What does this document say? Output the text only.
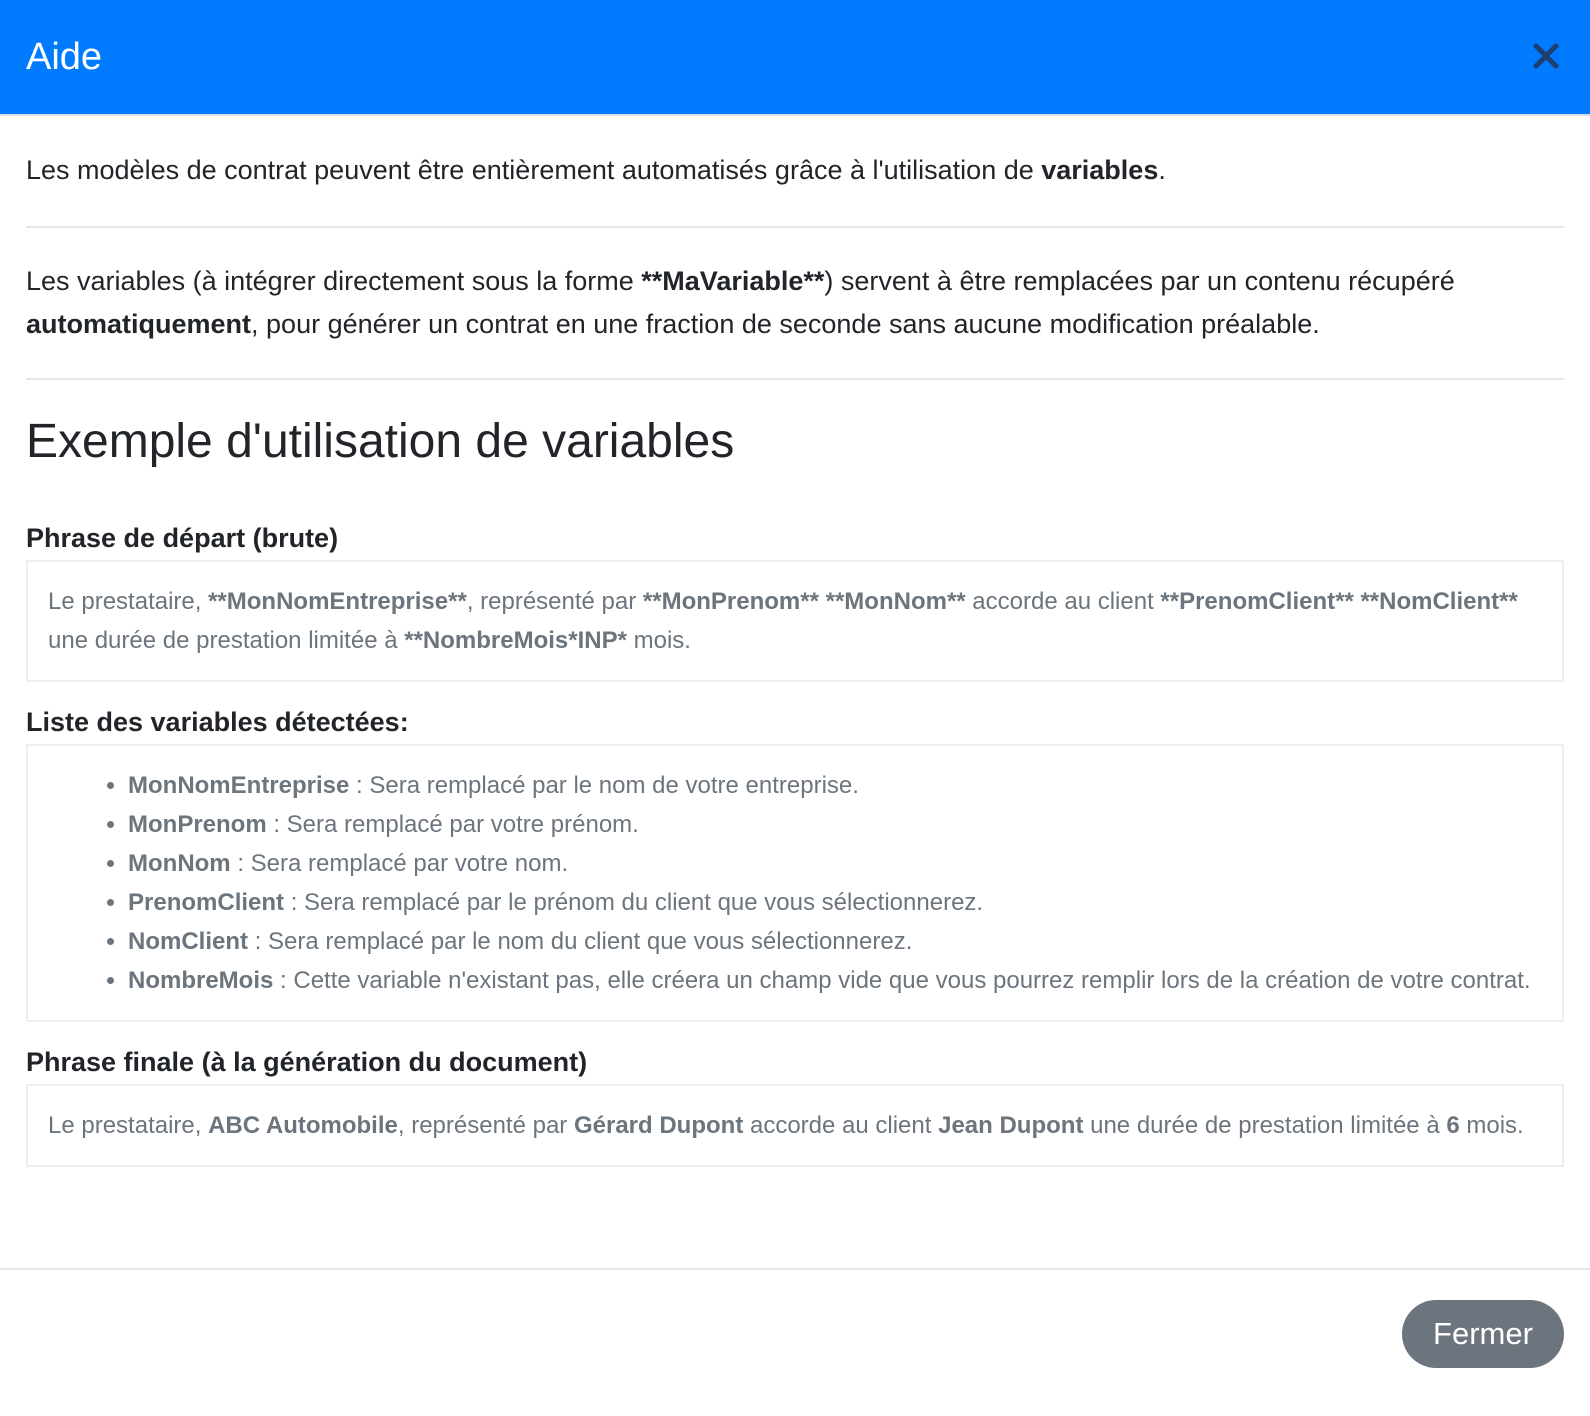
Aide

Les modèles de contrat peuvent être entièrement automatisés grâce à l'utilisation de variables.

Les variables (à intégrer directement sous la forme **MaVariable**) servent à être remplacées par un contenu récupéré automatiquement, pour générer un contrat en une fraction de seconde sans aucune modification préalable.

Exemple d'utilisation de variables
Phrase de départ (brute)
Le prestataire, **MonNomEntreprise**, représenté par **MonPrenom** **MonNom** accorde au client **PrenomClient** **NomClient** une durée de prestation limitée à **NombreMois*INP* mois.
Liste des variables détectées:
• MonNomEntreprise : Sera remplacé par le nom de votre entreprise.
• MonPrenom : Sera remplacé par votre prénom.
• MonNom : Sera remplacé par votre nom.
• PrenomClient : Sera remplacé par le prénom du client que vous sélectionnerez.
• NomClient : Sera remplacé par le nom du client que vous sélectionnerez.
• NombreMois : Cette variable n'existant pas, elle créera un champ vide que vous pourrez remplir lors de la création de votre contrat.
Phrase finale (à la génération du document)
Le prestataire, ABC Automobile, représenté par Gérard Dupont accorde au client Jean Dupont une durée de prestation limitée à 6 mois.
Fermer
